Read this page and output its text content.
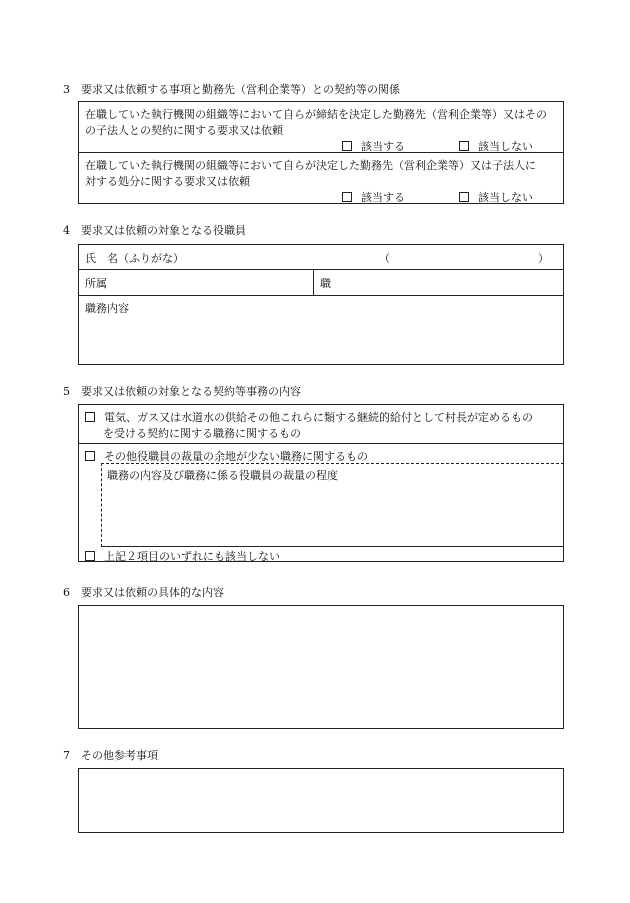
3　要求又は依頼する事項と勤務先（営利企業等）との契約等の関係
在職していた執行機関の組織等において自らが締結を決定した勤務先（営利企業等）又はその
の子法人との契約に関する要求又は依頼
該当する	該当しない
在職していた執行機関の組織等において自らが決定した勤務先（営利企業等）又は子法人に
対する処分に関する要求又は依頼
該当する	該当しない
4　要求又は依頼の対象となる役職員
氏　名（ふりがな）	（	）
所属	職
職務内容
5　要求又は依頼の対象となる契約等事務の内容
電気、ガス又は水道水の供給その他これらに類する継続的給付として村長が定めるもの
を受ける契約に関する職務に関するもの
その他役職員の裁量の余地が少ない職務に関するもの
職務の内容及び職務に係る役職員の裁量の程度
上記２項目のいずれにも該当しない
6　要求又は依頼の具体的な内容
7　その他参考事項
